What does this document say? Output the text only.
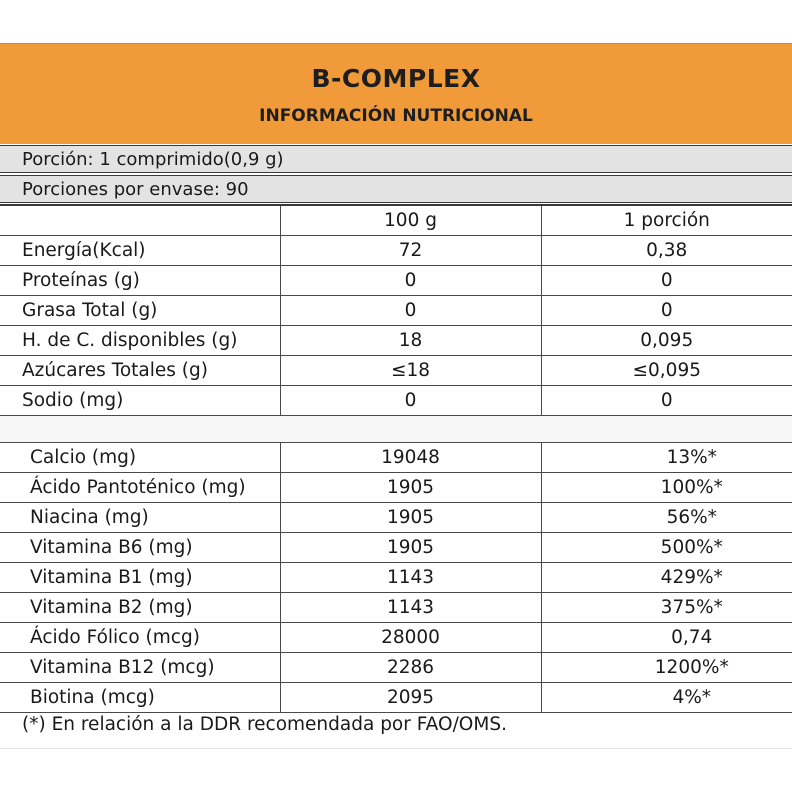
B-COMPLEX
INFORMACIÓN NUTRICIONAL
Porción: 1 comprimido(0,9 g)
Porciones por envase: 90
	100 g	1 porción
Energía(Kcal)	72	0,38
Proteínas (g)	0	0
Grasa Total (g)	0	0
H. de C. disponibles (g)	18	0,095
Azúcares Totales (g)	≤18	≤0,095
Sodio (mg)	0	0

Calcio (mg)	19048	13%*
Ácido Pantoténico (mg)	1905	100%*
Niacina (mg)	1905	56%*
Vitamina B6 (mg)	1905	500%*
Vitamina B1 (mg)	1143	429%*
Vitamina B2 (mg)	1143	375%*
Ácido Fólico (mcg)	28000	0,74
Vitamina B12 (mcg)	2286	1200%*
Biotina (mcg)	2095	4%*
(*) En relación a la DDR recomendada por FAO/OMS.
